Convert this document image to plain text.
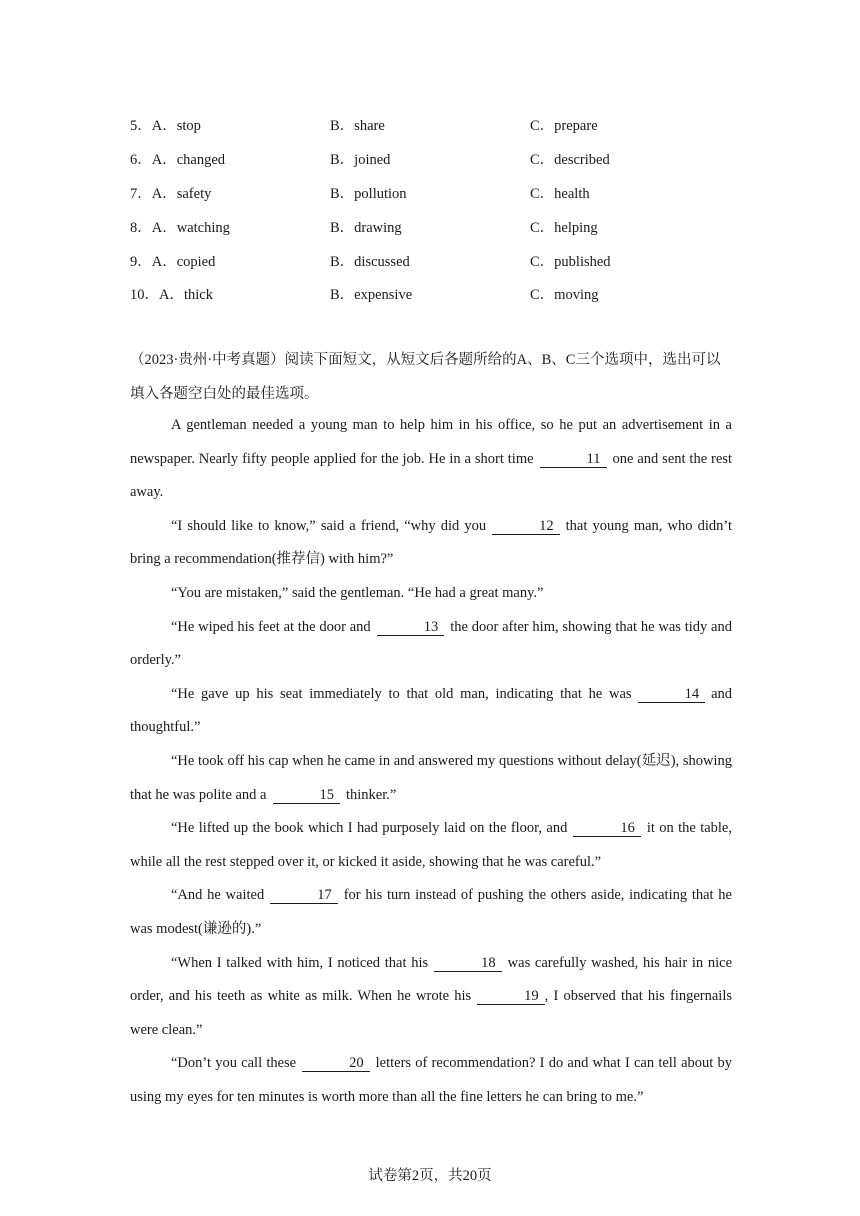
5．A．stop	B．share	C．prepare
6．A．changed	B．joined	C．described
7．A．safety	B．pollution	C．health
8．A．watching	B．drawing	C．helping
9．A．copied	B．discussed	C．published
10．A．thick	B．expensive	C．moving
（2023·贵州·中考真题）阅读下面短文，从短文后各题所给的A、B、C三个选项中，选出可以填入各题空白处的最佳选项。

A gentleman needed a young man to help him in his office, so he put an advertisement in a newspaper. Nearly fifty people applied for the job. He in a short time	11 one and sent the rest away.

“I should like to know,” said a friend, “why did you	12 that young man, who didn’t bring a recommendation(推荐信) with him?”

“You are mistaken,” said the gentleman. “He had a great many.”

“He wiped his feet at the door and	13 the door after him, showing that he was tidy and orderly.”

“He gave up his seat immediately to that old man, indicating that he was	14 and thoughtful.”

“He took off his cap when he came in and answered my questions without delay(延迟), showing that he was polite and a	15 thinker.”

“He lifted up the book which I had purposely laid on the floor, and	16 it on the table, while all the rest stepped over it, or kicked it aside, showing that he was careful.”

“And he waited	17 for his turn instead of pushing the others aside, indicating that he was modest(谦逊的).”

“When I talked with him, I noticed that his	18 was carefully washed, his hair in nice order, and his teeth as white as milk. When he wrote his	19 , I observed that his fingernails were clean.”

“Don’t you call these	20 letters of recommendation? I do and what I can tell about by using my eyes for ten minutes is worth more than all the fine letters he can bring to me.”

试卷第2页，共20页
